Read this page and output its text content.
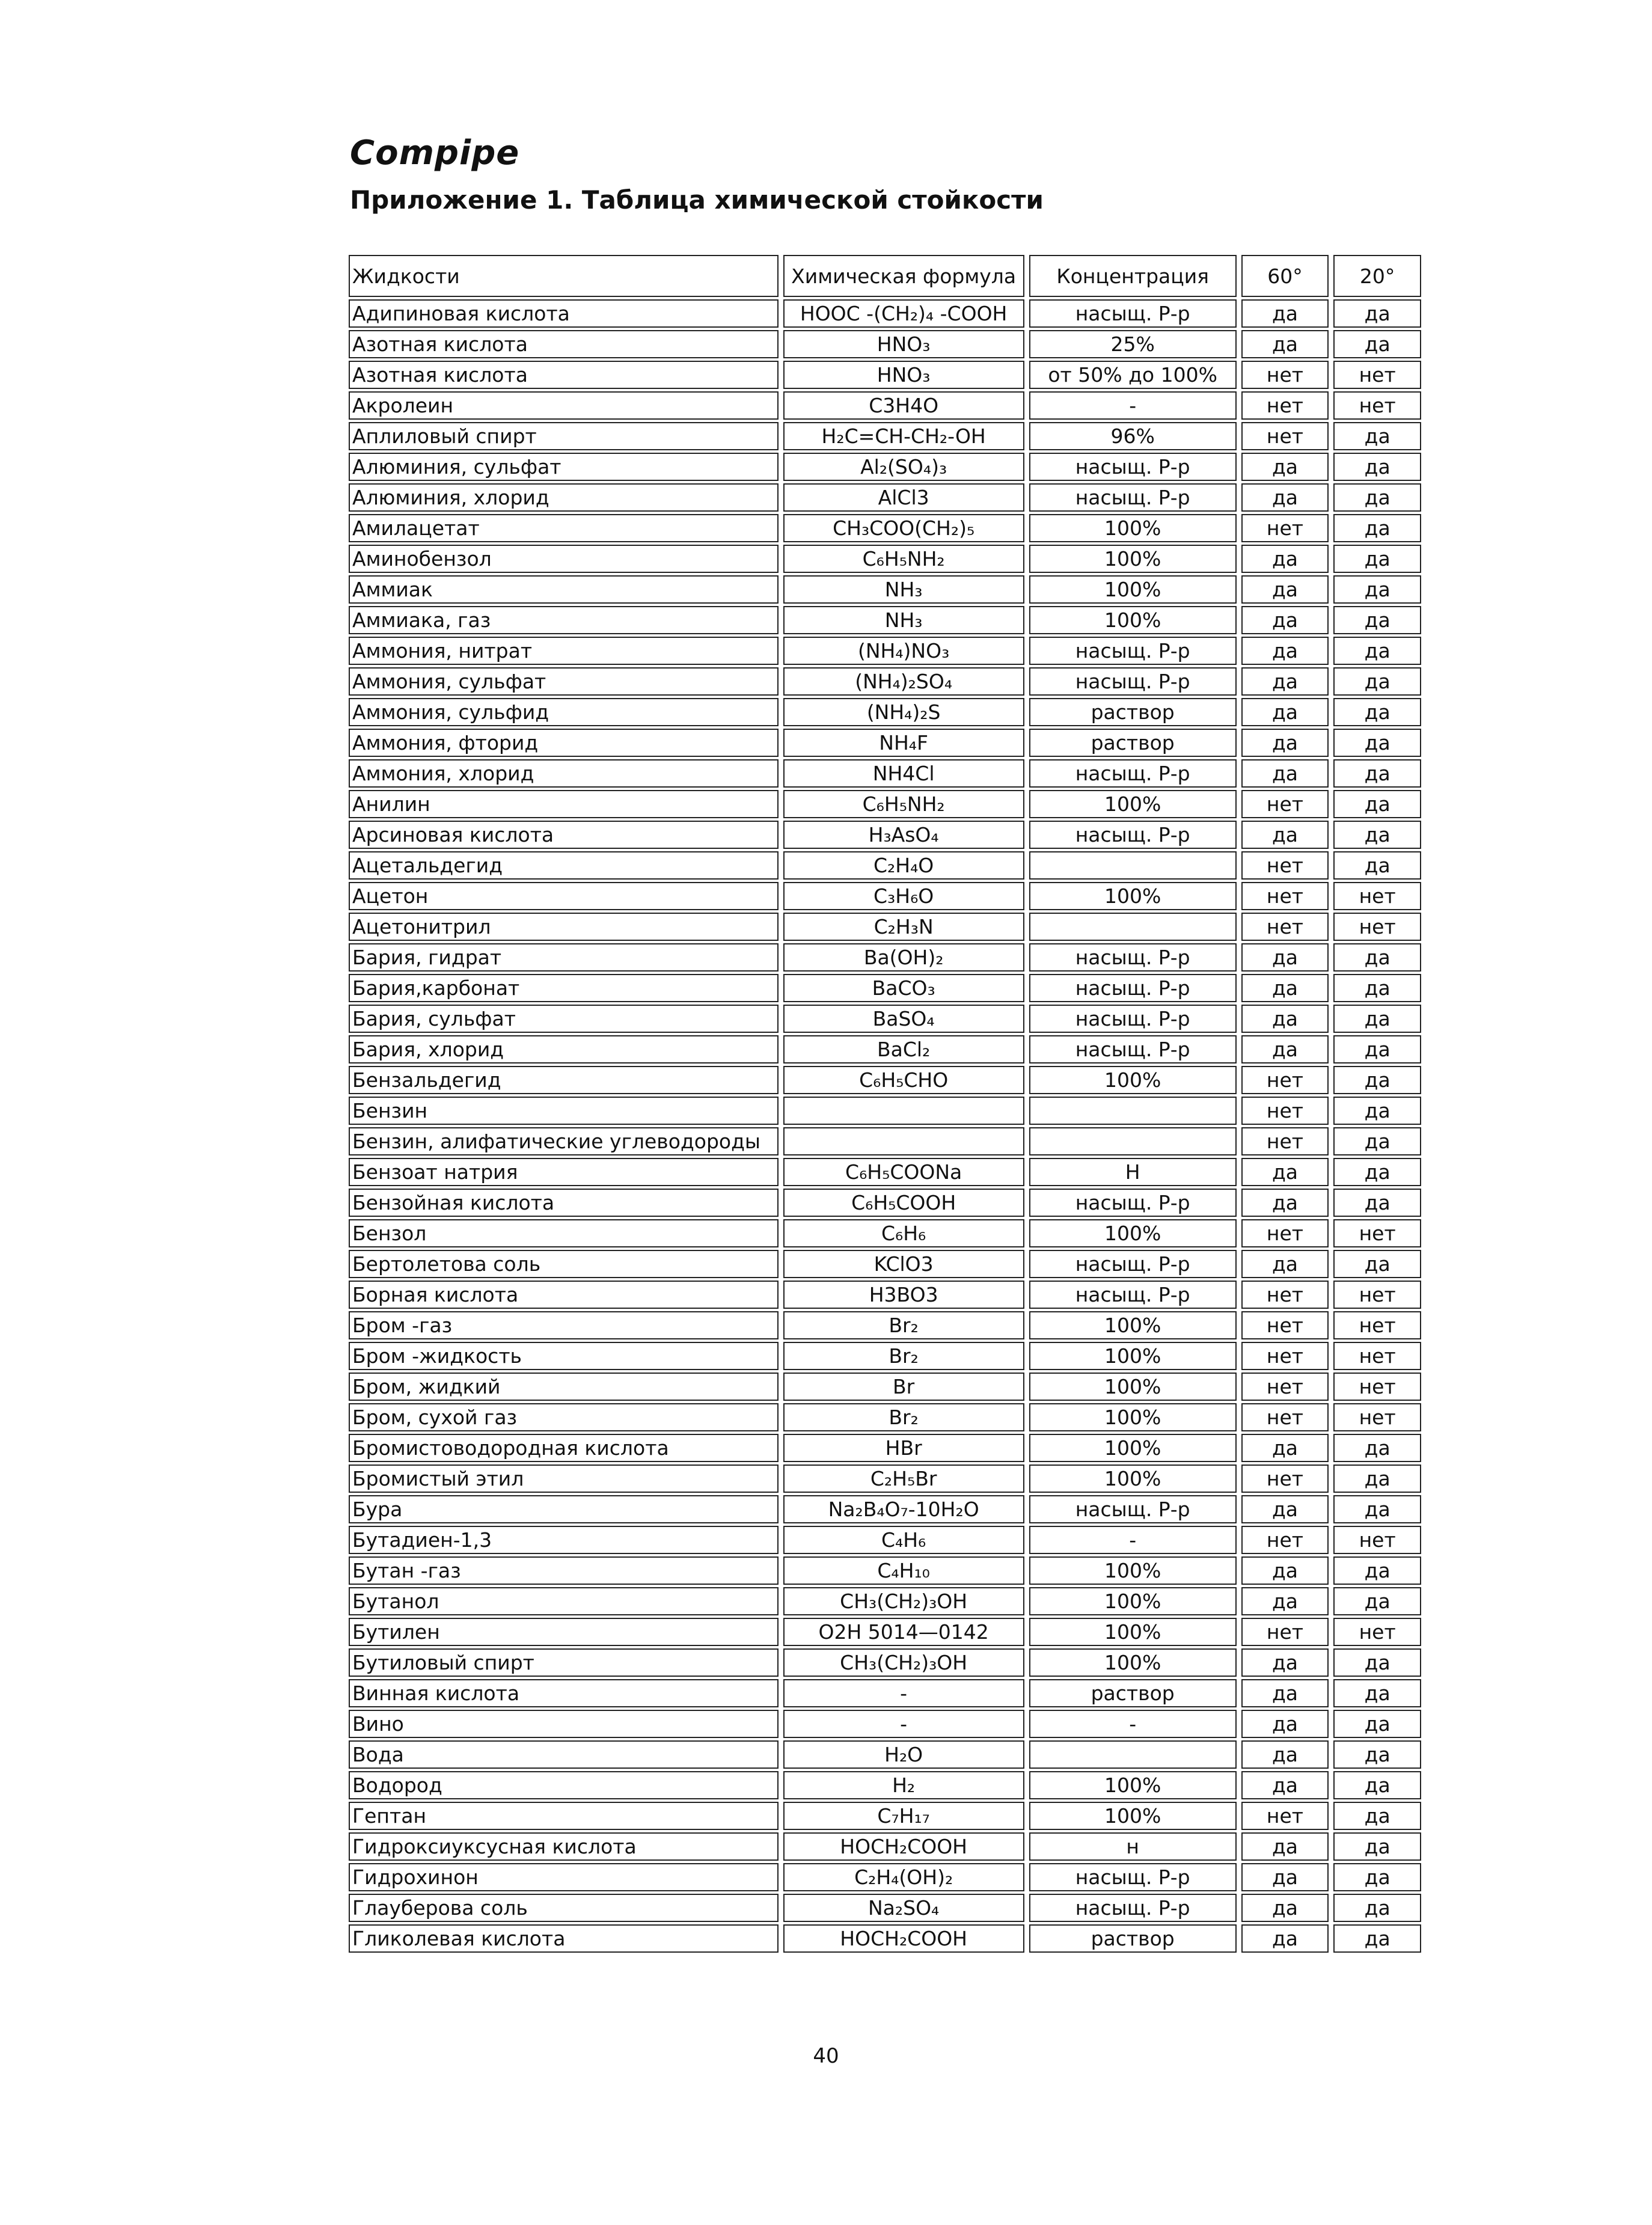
Compipe
Приложение 1. Таблица химической стойкости
Жидкости	Химическая формула	Концентрация	60°	20°
Адипиновая кислота	HOOC -(CH₂)₄ -COOH	насыщ. Р-р	да	да
Азотная кислота	HNO₃	25%	да	да
Азотная кислота	HNO₃	от 50% до 100%	нет	нет
Акролеин	C3H4O	-	нет	нет
Аплиловый спирт	H₂C=CH-CH₂-OH	96%	нет	да
Алюминия, сульфат	Al₂(SO₄)₃	насыщ. Р-р	да	да
Алюминия, хлорид	AlCl3	насыщ. Р-р	да	да
Амилацетат	CH₃COO(CH₂)₅	100%	нет	да
Аминобензол	C₆H₅NH₂	100%	да	да
Аммиак	NH₃	100%	да	да
Аммиака, газ	NH₃	100%	да	да
Аммония, нитрат	(NH₄)NO₃	насыщ. Р-р	да	да
Аммония, сульфат	(NH₄)₂SO₄	насыщ. Р-р	да	да
Аммония, сульфид	(NH₄)₂S	раствор	да	да
Аммония, фторид	NH₄F	раствор	да	да
Аммония, хлорид	NH4Cl	насыщ. Р-р	да	да
Анилин	C₆H₅NH₂	100%	нет	да
Арсиновая кислота	H₃AsO₄	насыщ. Р-р	да	да
Ацетальдегид	C₂H₄O		нет	да
Ацетон	C₃H₆O	100%	нет	нет
Ацетонитрил	C₂H₃N		нет	нет
Бария, гидрат	Ba(OH)₂	насыщ. Р-р	да	да
Бария,карбонат	BaCO₃	насыщ. Р-р	да	да
Бария, сульфат	BaSO₄	насыщ. Р-р	да	да
Бария, хлорид	BaCl₂	насыщ. Р-р	да	да
Бензальдегид	C₆H₅CHO	100%	нет	да
Бензин			нет	да
Бензин, алифатические углеводороды			нет	да
Бензоат натрия	C₆H₅COONa	Н	да	да
Бензойная кислота	C₆H₅COOH	насыщ. Р-р	да	да
Бензол	C₆H₆	100%	нет	нет
Бертолетова соль	KClO3	насыщ. Р-р	да	да
Борная кислота	H3BO3	насыщ. Р-р	нет	нет
Бром -газ	Br₂	100%	нет	нет
Бром -жидкость	Br₂	100%	нет	нет
Бром, жидкий	Br	100%	нет	нет
Бром, сухой газ	Br₂	100%	нет	нет
Бромистоводородная кислота	HBr	100%	да	да
Бромистый этил	C₂H₅Br	100%	нет	да
Бура	Na₂B₄O₇-10H₂O	насыщ. Р-р	да	да
Бутадиен-1,3	C₄H₆	-	нет	нет
Бутан -газ	C₄H₁₀	100%	да	да
Бутанол	CH₃(CH₂)₃OH	100%	да	да
Бутилен	O2H 5014—0142	100%	нет	нет
Бутиловый спирт	CH₃(CH₂)₃OH	100%	да	да
Винная кислота	-	раствор	да	да
Вино	-	-	да	да
Вода	H₂O		да	да
Водород	H₂	100%	да	да
Гептан	C₇H₁₇	100%	нет	да
Гидроксиуксусная кислота	HOCH₂COOH	н	да	да
Гидрохинон	C₂H₄(OH)₂	насыщ. Р-р	да	да
Глауберова соль	Na₂SO₄	насыщ. Р-р	да	да
Гликолевая кислота	HOCH₂COOH	раствор	да	да
40
